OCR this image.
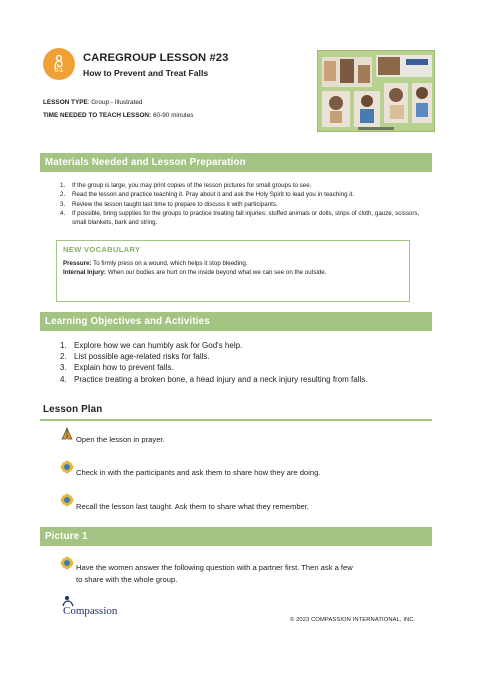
0-1
CAREGROUP LESSON #23
How to Prevent and Treat Falls
LESSON TYPE: Group - Illustrated
TIME NEEDED TO TEACH LESSON: 60-90 minutes
Materials Needed and Lesson Preparation
1. If the group is large, you may print copies of the lesson pictures for small groups to see.
2. Read the lesson and practice teaching it. Pray about it and ask the Holy Spirit to lead you in teaching it.
3. Review the lesson taught last time to prepare to discuss it with participants.
4. If possible, bring supplies for the groups to practice treating fall injuries: stuffed animals or dolls, strips of cloth, gauze, scissors, small blankets, bark and string.
NEW VOCABULARY

Pressure: To firmly press on a wound, which helps it stop bleeding.

Internal Injury: When our bodies are hurt on the inside beyond what we can see on the outside.

Learning Objectives and Activities
1. Explore how we can humbly ask for God's help.
2. List possible age-related risks for falls.
3. Explain how to prevent falls.
4. Practice treating a broken bone, a head injury and a neck injury resulting from falls.
Lesson Plan
Open the lesson in prayer.
Check in with the participants and ask them to share how they are doing.
Recall the lesson last taught. Ask them to share what they remember.
Picture 1
Have the women answer the following question with a partner first. Then ask a few
to share with the whole group.
Compassion
© 2023 COMPASSION INTERNATIONAL, INC.
